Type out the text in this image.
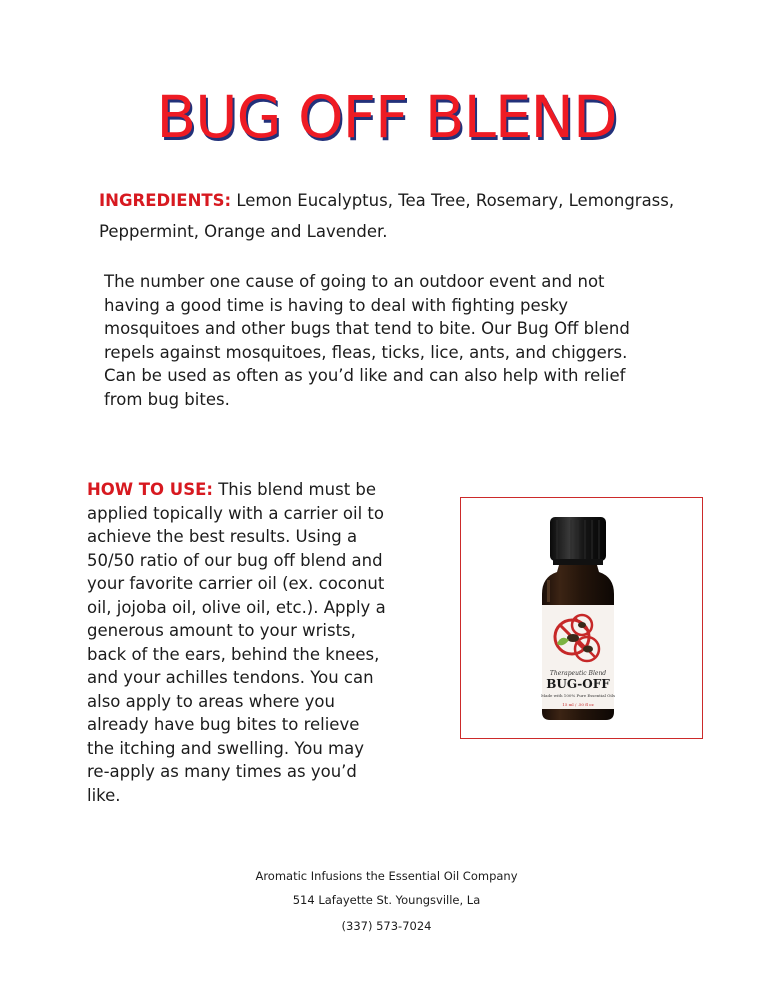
BUG OFF BLEND
INGREDIENTS: Lemon Eucalyptus, Tea Tree, Rosemary, Lemongrass, Peppermint, Orange and Lavender.
The number one cause of going to an outdoor event and not having a good time is having to deal with fighting pesky mosquitoes and other bugs that tend to bite. Our Bug Off blend repels against mosquitoes, fleas, ticks, lice, ants, and chiggers. Can be used as often as you’d like and can also help with relief from bug bites.
HOW TO USE: This blend must be applied topically with a carrier oil to achieve the best results. Using a 50/50 ratio of our bug off blend and your favorite carrier oil (ex. coconut oil, jojoba oil, olive oil, etc.). Apply a generous amount to your wrists, back of the ears, behind the knees, and your achilles tendons. You can also apply to areas where you already have bug bites to relieve the itching and swelling. You may re-apply as many times as you’d like.
Therapeutic Blend
BUG-OFF
Made with 100% Pure Essential Oils
15 ml / .50 fl oz
Aromatic Infusions the Essential Oil Company
514 Lafayette St. Youngsville, La
(337) 573-7024
